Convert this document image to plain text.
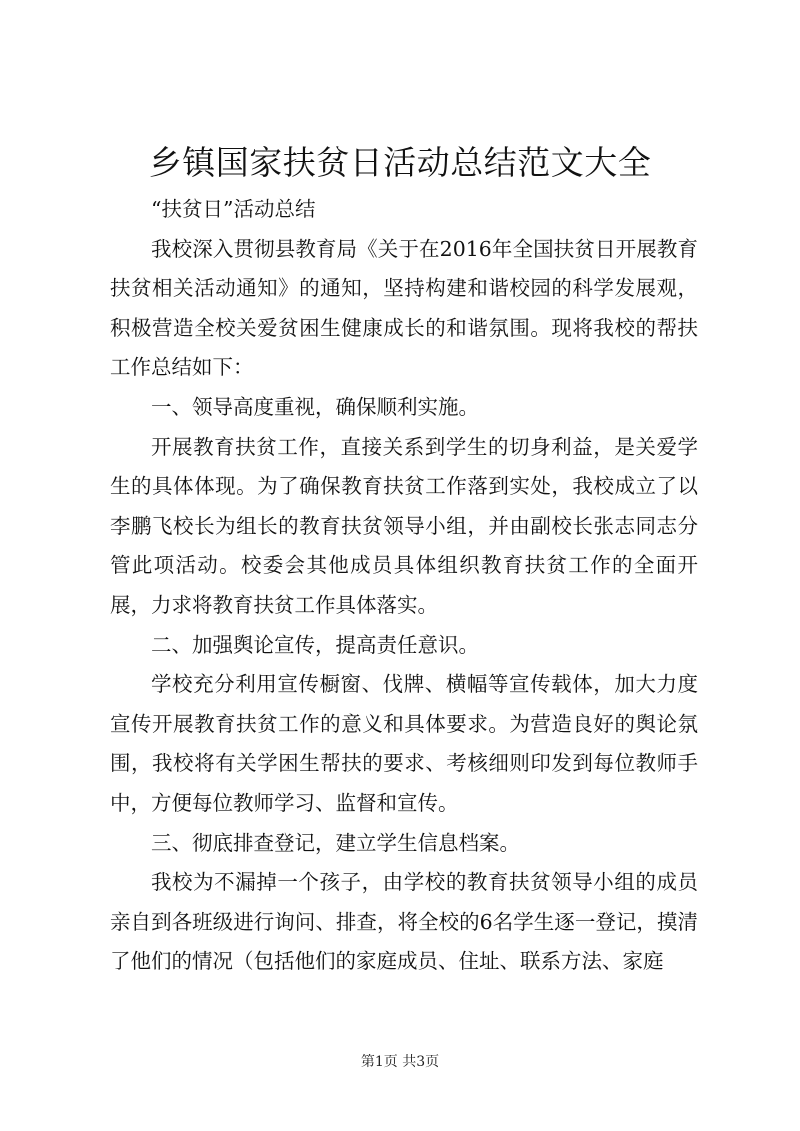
乡镇国家扶贫日活动总结范文大全

“扶贫日”活动总结

我校深入贯彻县教育局《关于在2016年全国扶贫日开展教育扶贫相关活动通知》的通知，坚持构建和谐校园的科学发展观，积极营造全校关爱贫困生健康成长的和谐氛围。现将我校的帮扶工作总结如下：

一、领导高度重视，确保顺利实施。

开展教育扶贫工作，直接关系到学生的切身利益，是关爱学生的具体体现。为了确保教育扶贫工作落到实处，我校成立了以李鹏飞校长为组长的教育扶贫领导小组，并由副校长张志同志分管此项活动。校委会其他成员具体组织教育扶贫工作的全面开展，力求将教育扶贫工作具体落实。

二、加强舆论宣传，提高责任意识。

学校充分利用宣传橱窗、伐牌、横幅等宣传载体，加大力度宣传开展教育扶贫工作的意义和具体要求。为营造良好的舆论氛围，我校将有关学困生帮扶的要求、考核细则印发到每位教师手中，方便每位教师学习、监督和宣传。

三、彻底排查登记，建立学生信息档案。

我校为不漏掉一个孩子，由学校的教育扶贫领导小组的成员亲自到各班级进行询问、排查，将全校的6名学生逐一登记，摸清了他们的情况（包括他们的家庭成员、住址、联系方法、家庭

第1页 共3页
